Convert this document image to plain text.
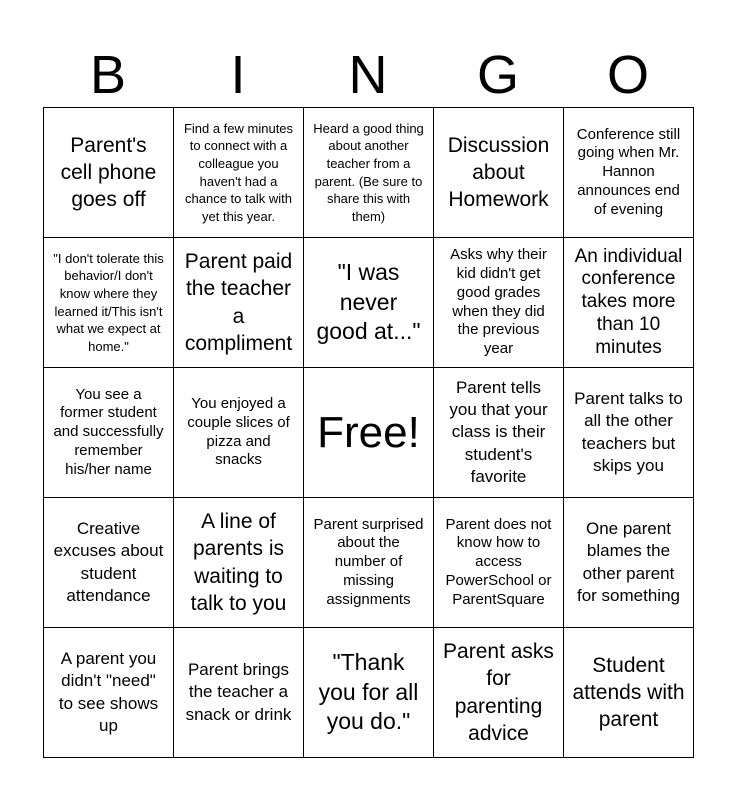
B	I	N	G	O
Parent's cell phone goes off
Find a few minutes to connect with a colleague you haven't had a chance to talk with yet this year.
Heard a good thing about another teacher from a parent. (Be sure to share this with them)
Discussion about Homework
Conference still going when Mr. Hannon announces end of evening
"I don't tolerate this behavior/I don't know where they learned it/This isn't what we expect at home."
Parent paid the teacher a compliment
"I was never good at..."
Asks why their kid didn't get good grades when they did the previous year
An individual conference takes more than 10 minutes
You see a former student and successfully remember his/her name
You enjoyed a couple slices of pizza and snacks
Free!
Parent tells you that your class is their student's favorite
Parent talks to all the other teachers but skips you
Creative excuses about student attendance
A line of parents is waiting to talk to you
Parent surprised about the number of missing assignments
Parent does not know how to access PowerSchool or ParentSquare
One parent blames the other parent for something
A parent you didn't "need" to see shows up
Parent brings the teacher a snack or drink
"Thank you for all you do."
Parent asks for parenting advice
Student attends with parent
